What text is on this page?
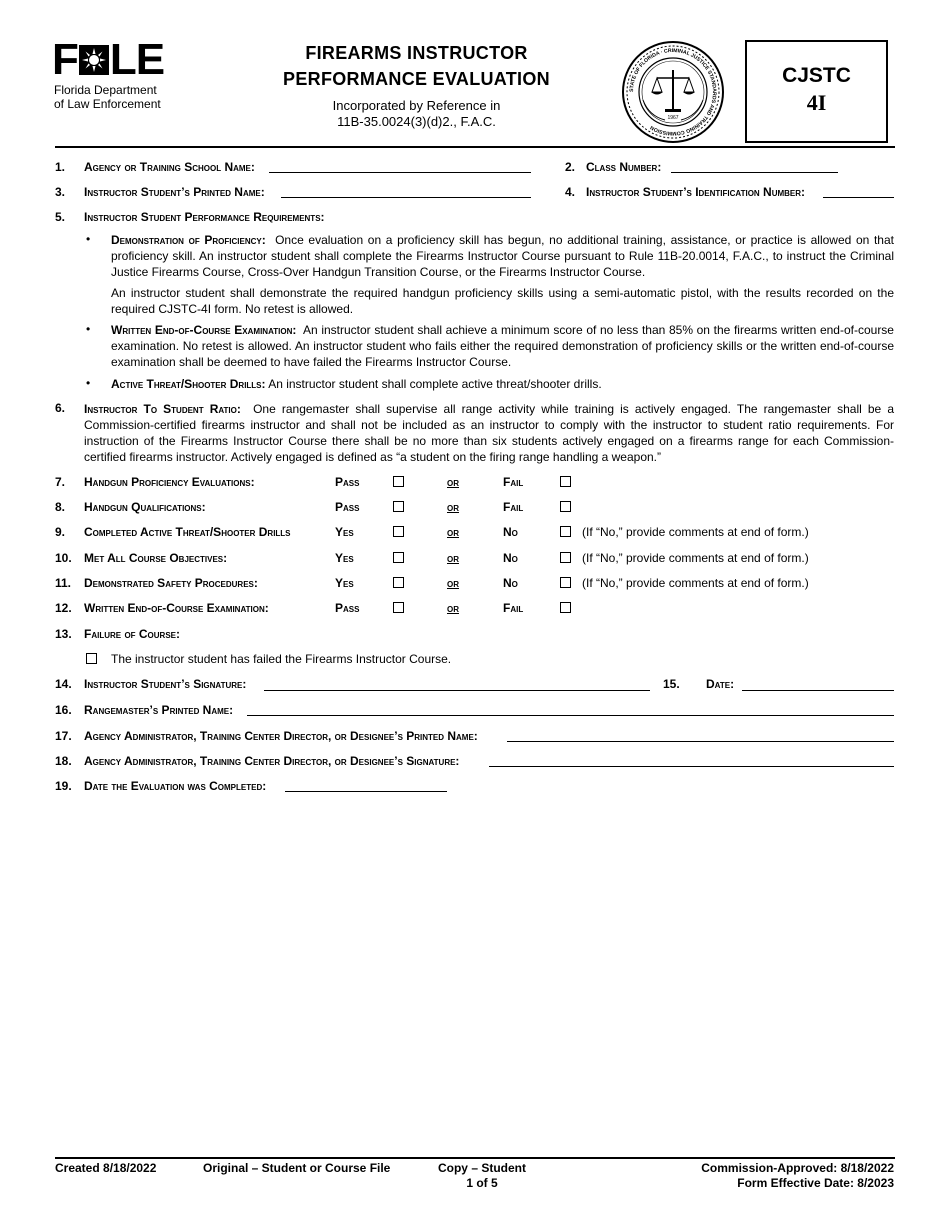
F LE
Florida Department
of Law Enforcement
FIREARMS INSTRUCTOR
PERFORMANCE EVALUATION
Incorporated by Reference in
11B-35.0024(3)(d)2., F.A.C.	1967
STATE OF FLORIDA · CRIMINAL JUSTICE STANDARDS AND TRAINING COMMISSION
CJSTC
4I
1. Agency or Training School Name:	2. Class Number:
3. Instructor Student’s Printed Name:	4. Instructor Student’s Identification Number:
5. Instructor Student Performance Requirements:
• Demonstration of Proficiency: Once evaluation on a proficiency skill has begun, no additional training, assistance, or practice is allowed on that proficiency skill. An instructor student shall complete the Firearms Instructor Course pursuant to Rule 11B-20.0014, F.A.C., to instruct the Criminal Justice Firearms Course, Cross-Over Handgun Transition Course, or the Firearms Instructor Course.
An instructor student shall demonstrate the required handgun proficiency skills using a semi-automatic pistol, with the results recorded on the required CJSTC-4I form. No retest is allowed.
• Written End-of-Course Examination: An instructor student shall achieve a minimum score of no less than 85% on the firearms written end-of-course examination. No retest is allowed. An instructor student who fails either the required demonstration of proficiency skills or the written end-of-course examination shall be deemed to have failed the Firearms Instructor Course.
• Active Threat/Shooter Drills: An instructor student shall complete active threat/shooter drills.
6. Instructor To Student Ratio: One rangemaster shall supervise all range activity while training is actively engaged. The rangemaster shall be a Commission-certified firearms instructor and shall not be included as an instructor to comply with the instructor to student ratio requirements. For instruction of the Firearms Instructor Course there shall be no more than six students actively engaged on a firearms range for each Commission-certified firearms instructor. Actively engaged is defined as “a student on the firing range handling a weapon.”
7. Handgun Proficiency Evaluations:	Pass	or	Fail
8. Handgun Qualifications:	Pass	or	Fail
9. Completed Active Threat/Shooter Drills	Yes	or	No	(If “No,” provide comments at end of form.)
10. Met All Course Objectives:	Yes	or	No	(If “No,” provide comments at end of form.)
11. Demonstrated Safety Procedures:	Yes	or	No	(If “No,” provide comments at end of form.)
12. Written End-of-Course Examination:	Pass	or	Fail
13. Failure of Course:
The instructor student has failed the Firearms Instructor Course.
14. Instructor Student’s Signature:	15. Date:
16. Rangemaster’s Printed Name:
17. Agency Administrator, Training Center Director, or Designee’s Printed Name:
18. Agency Administrator, Training Center Director, or Designee’s Signature:
19. Date the Evaluation was Completed:
Created 8/18/2022	Original – Student or Course File	Copy – Student
1 of 5
Commission-Approved: 8/18/2022
Form Effective Date: 8/2023
